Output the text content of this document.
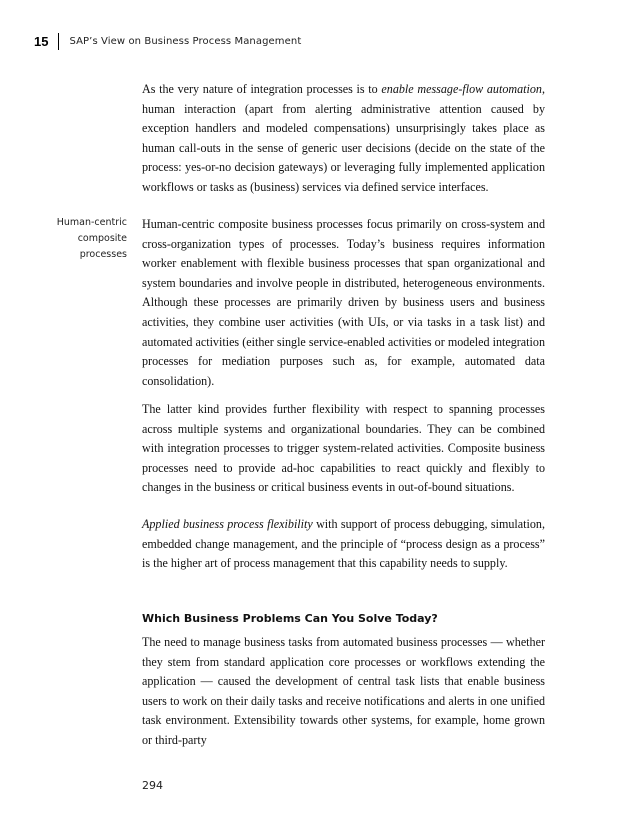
15 SAP’s View on Business Process Management
Human-centric
composite
processes

As the very nature of integration processes is to enable message-flow automation, human interaction (apart from alerting administrative attention caused by exception handlers and modeled compensations) unsurprisingly takes place as human call-outs in the sense of generic user decisions (decide on the state of the process: yes-or-no decision gateways) or leveraging fully implemented application workflows or tasks as (business) services via defined service interfaces.

Human-centric composite business processes focus primarily on cross-system and cross-organization types of processes. Today’s business requires information worker enablement with flexible business processes that span organizational and system boundaries and involve people in distributed, heterogeneous environments. Although these processes are primarily driven by business users and business activities, they combine user activities (with UIs, or via tasks in a task list) and automated activities (either single service-enabled activities or modeled integration processes for mediation purposes such as, for example, automated data consolidation).

The latter kind provides further flexibility with respect to spanning processes across multiple systems and organizational boundaries. They can be combined with integration processes to trigger system-related activities. Composite business processes need to provide ad-hoc capabilities to react quickly and flexibly to changes in the business or critical business events in out-of-bound situations.

Applied business process flexibility with support of process debugging, simulation, embedded change management, and the principle of “process design as a process” is the higher art of process management that this capability needs to supply.

Which Business Problems Can You Solve Today?

The need to manage business tasks from automated business processes — whether they stem from standard application core processes or workflows extending the application — caused the development of central task lists that enable business users to work on their daily tasks and receive notifications and alerts in one unified task environment. Extensibility towards other systems, for example, home grown or third-party

294
